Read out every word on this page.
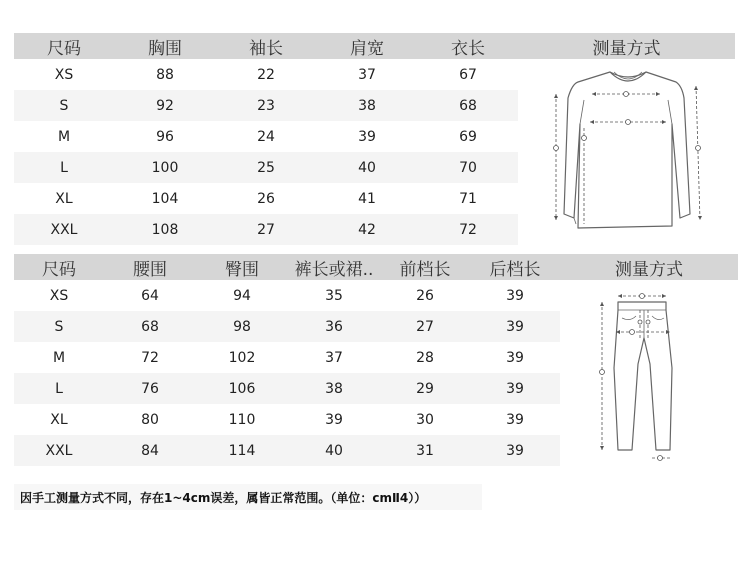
尺码	胸围	袖长	肩宽	衣长	测量方式
XS	88	22	37	67
S	92	23	38	68
M	96	24	39	69
L	100	25	40	70
XL	104	26	41	71
XXL	108	27	42	72
尺码	腰围	臀围	裤长或裙..	前档长	后档长	测量方式
XS	64	94	35	26	39
S	68	98	36	27	39
M	72	102	37	28	39
L	76	106	38	29	39
XL	80	110	39	30	39
XXL	84	114	40	31	39
因手工测量方式不同，存在1~4cm误差，属皆正常范围。（单位：cmⅡ4））
